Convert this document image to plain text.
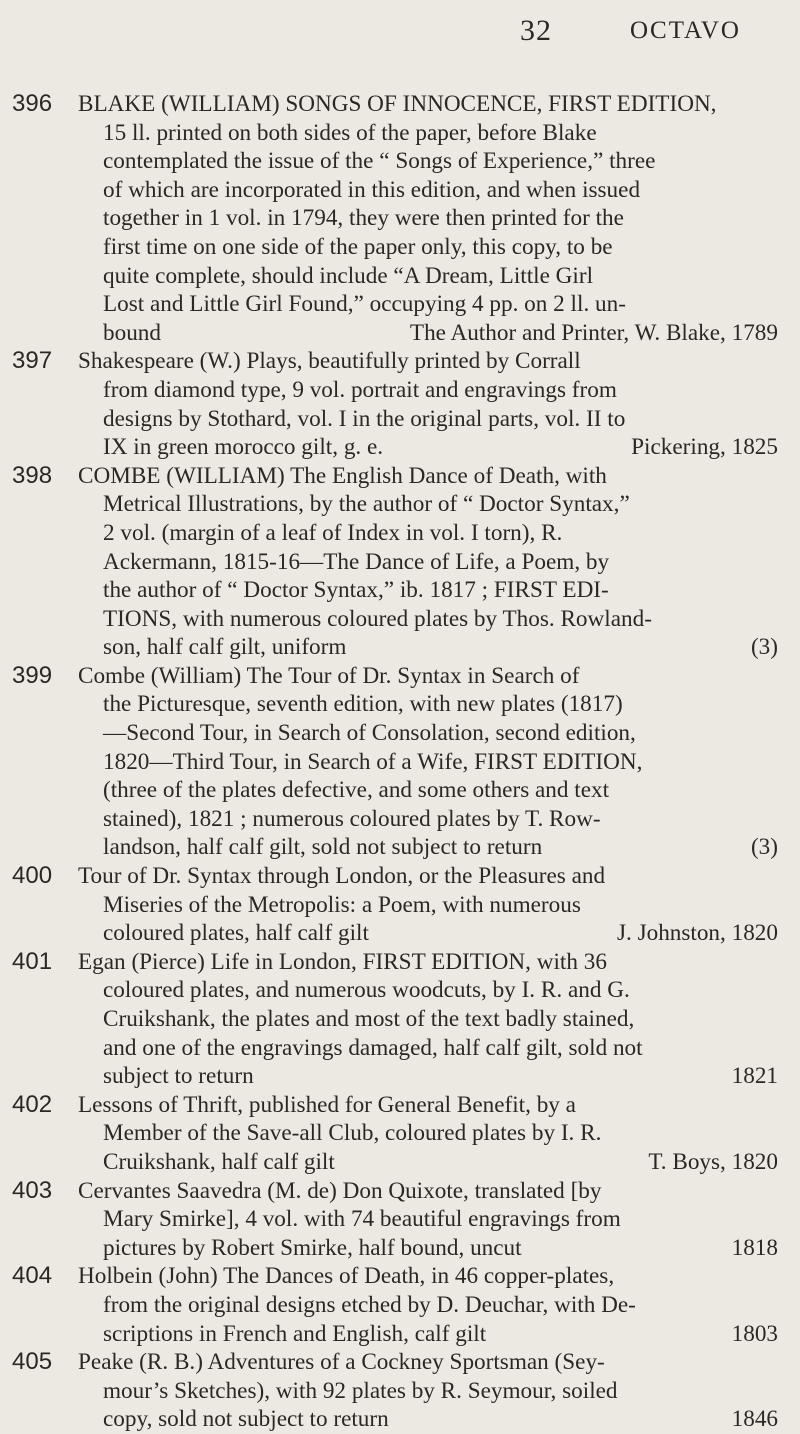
32	OCTAVO
396	BLAKE (WILLIAM) SONGS OF INNOCENCE, FIRST EDITION,
15 ll. printed on both sides of the paper, before Blake
contemplated the issue of the “ Songs of Experience,” three
of which are incorporated in this edition, and when issued
together in 1 vol. in 1794, they were then printed for the
first time on one side of the paper only, this copy, to be
quite complete, should include “A Dream, Little Girl
Lost and Little Girl Found,” occupying 4 pp. on 2 ll. un-
bound	The Author and Printer, W. Blake, 1789
397	Shakespeare (W.) Plays, beautifully printed by Corrall
from diamond type, 9 vol. portrait and engravings from
designs by Stothard, vol. I in the original parts, vol. II to
IX in green morocco gilt, g. e.	Pickering, 1825
398	COMBE (WILLIAM) The English Dance of Death, with
Metrical Illustrations, by the author of “ Doctor Syntax,”
2 vol. (margin of a leaf of Index in vol. I torn), R.
Ackermann, 1815-16—The Dance of Life, a Poem, by
the author of “ Doctor Syntax,” ib. 1817 ; FIRST EDI-
TIONS, with numerous coloured plates by Thos. Rowland-
son, half calf gilt, uniform	(3)
399	Combe (William) The Tour of Dr. Syntax in Search of
the Picturesque, seventh edition, with new plates (1817)
—Second Tour, in Search of Consolation, second edition,
1820—Third Tour, in Search of a Wife, FIRST EDITION,
(three of the plates defective, and some others and text
stained), 1821 ; numerous coloured plates by T. Row-
landson, half calf gilt, sold not subject to return	(3)
400	Tour of Dr. Syntax through London, or the Pleasures and
Miseries of the Metropolis: a Poem, with numerous
coloured plates, half calf gilt	J. Johnston, 1820
401	Egan (Pierce) Life in London, FIRST EDITION, with 36
coloured plates, and numerous woodcuts, by I. R. and G.
Cruikshank, the plates and most of the text badly stained,
and one of the engravings damaged, half calf gilt, sold not
subject to return	1821
402	Lessons of Thrift, published for General Benefit, by a
Member of the Save-all Club, coloured plates by I. R.
Cruikshank, half calf gilt	T. Boys, 1820
403	Cervantes Saavedra (M. de) Don Quixote, translated [by
Mary Smirke], 4 vol. with 74 beautiful engravings from
pictures by Robert Smirke, half bound, uncut	1818
404	Holbein (John) The Dances of Death, in 46 copper-plates,
from the original designs etched by D. Deuchar, with De-
scriptions in French and English, calf gilt	1803
405	Peake (R. B.) Adventures of a Cockney Sportsman (Sey-
mour’s Sketches), with 92 plates by R. Seymour, soiled
copy, sold not subject to return	1846
